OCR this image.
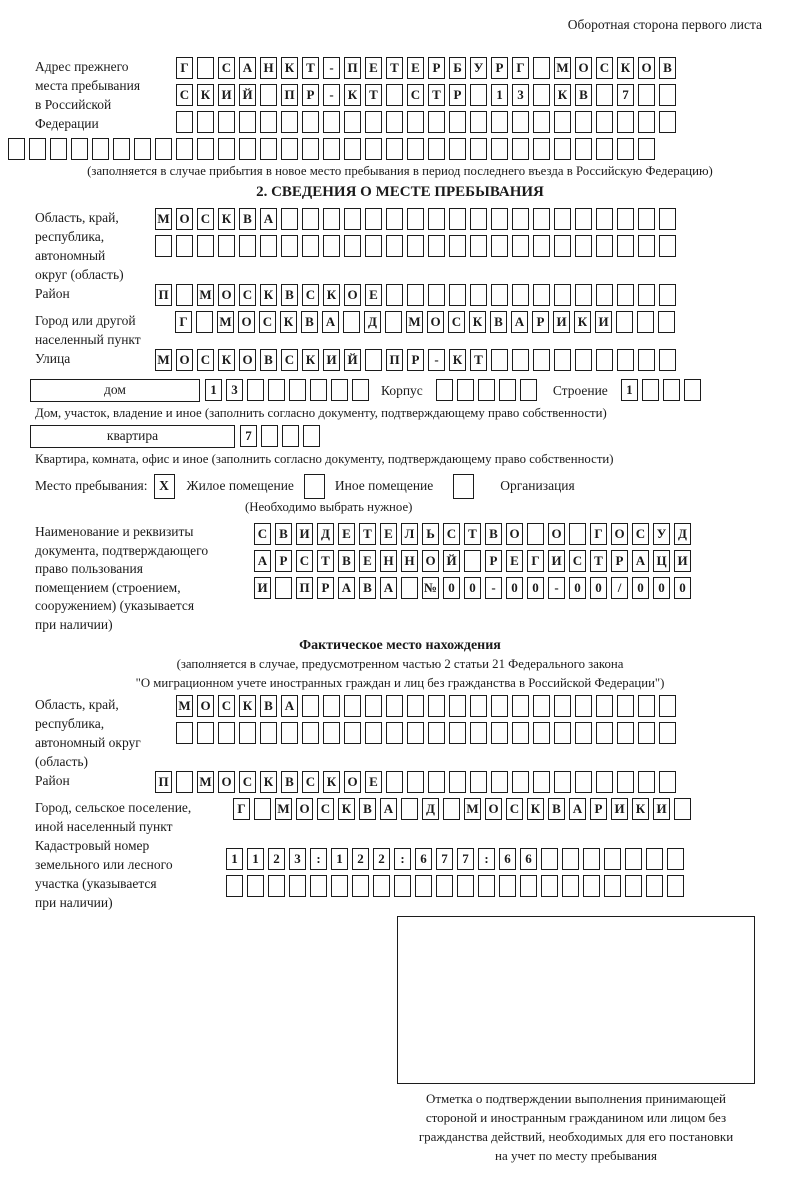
Оборотная сторона первого листа
Адрес прежнего
места пребывания
в Российской
Федерации
Г	С А Н К Т	-	П Е Т Е Р Б У Р Г	М О С К О В
С К И Й П Р	-	К Т	С Т Р	1	3	К В	7
(заполняется в случае прибытия в новое место пребывания в период последнего въезда в Российскую Федерацию)
2. СВЕДЕНИЯ О МЕСТЕ ПРЕБЫВАНИЯ
Область, край,
республика,
автономный
округ (область)
М О С К В А
Район	П М О С К В С К О Е
Город или другой
населенный пункт
Г	М О С К В А	Д	М О С К В А Р И К И
Улица	М О С К О В С К И Й П Р	-	К Т
дом	1	3	Корпус	Строение	1
Дом, участок, владение и иное (заполнить согласно документу, подтверждающему право собственности)
квартира	7
Квартира, комната, офис и иное (заполнить согласно документу, подтверждающему право собственности)
Место пребывания: X	Жилое помещение	Иное помещение	Организация
(Необходимо выбрать нужное)
Наименование и реквизиты
документа, подтверждающего
право пользования
помещением (строением,
сооружением) (указывается
при наличии)
С В И Д Е Т Е Л Ь С Т В О О	Г О С У Д
А Р С Т В Е Н Н О Й	Р Е Г И С Т Р А Ц И
И П Р А В А № 0	0	-	0	0	-	0	0	/	0	0	0
Фактическое место нахождения
(заполняется в случае, предусмотренном частью 2 статьи 21 Федерального закона
"О миграционном учете иностранных граждан и лиц без гражданства в Российской Федерации")
Область, край,
республика,
автономный округ
(область)
М О С К В А
Район	П М О С К В С К О Е
Город, сельское поселение,
иной населенный пункт
Г	М О С К В А	Д	М О С К В А Р И К И
Кадастровый номер
земельного или лесного
участка (указывается
при наличии)
1	1	2	3	:	1	2	2	:	6	7	7	:	6	6
Отметка о подтверждении выполнения принимающей
стороной и иностранным гражданином или лицом без
гражданства действий, необходимых для его постановки
на учет по месту пребывания
